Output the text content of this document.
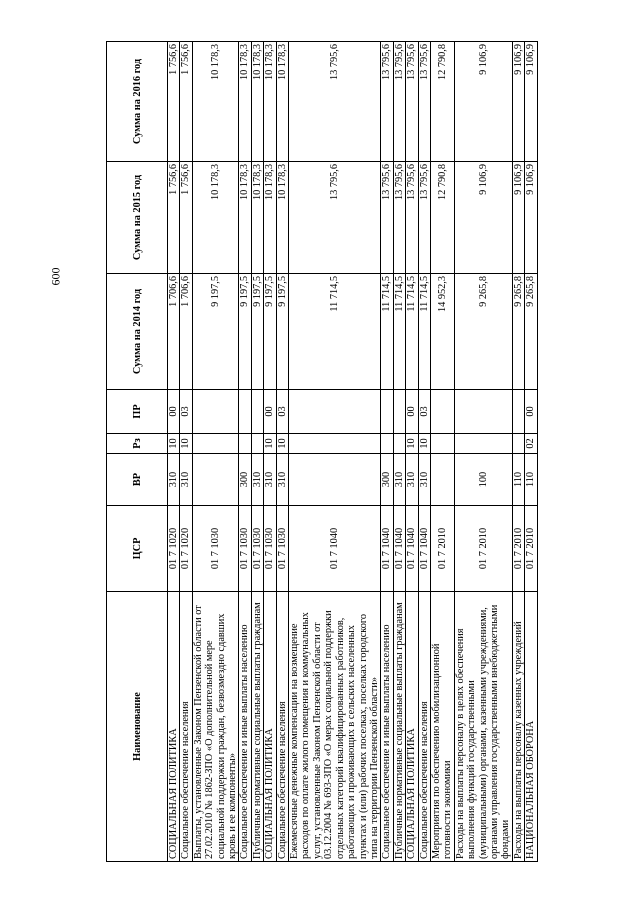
600
Наименование	ЦСР	ВР	Рз	ПР	Сумма на 2014 год	Сумма на 2015 год	Сумма на 2016 год
СОЦИАЛЬНАЯ ПОЛИТИКА	01 7 1020	310	10	00	1 706,6	1 756,6	1 756,6
Социальное обеспечение населения	01 7 1020	310	10	03	1 706,6	1 756,6	1 756,6
Выплаты, установленные Законом Пензенской области от 27.02.2010 № 1862-ЗПО «О дополнительной мере социальной поддержки граждан, безвозмездно сдавших кровь и ее компоненты»	01 7 1030				9 197,5	10 178,3	10 178,3
Социальное обеспечение и иные выплаты населению	01 7 1030	300			9 197,5	10 178,3	10 178,3
Публичные нормативные социальные выплаты гражданам	01 7 1030	310			9 197,5	10 178,3	10 178,3
СОЦИАЛЬНАЯ ПОЛИТИКА	01 7 1030	310	10	00	9 197,5	10 178,3	10 178,3
Социальное обеспечение населения	01 7 1030	310	10	03	9 197,5	10 178,3	10 178,3
Ежемесячные денежные компенсации на возмещение расходов по оплате жилого помещения и коммунальных услуг, установленные Законом Пензенской области от 03.12.2004 № 693-ЗПО «О мерах социальной поддержки отдельных категорий квалифицированных работников, работающих и проживающих в сельских населенных пунктах и (или) рабочих поселках, поселках городского типа на территории Пензенской области»	01 7 1040				11 714,5	13 795,6	13 795,6
Социальное обеспечение и иные выплаты населению	01 7 1040	300			11 714,5	13 795,6	13 795,6
Публичные нормативные социальные выплаты гражданам	01 7 1040	310			11 714,5	13 795,6	13 795,6
СОЦИАЛЬНАЯ ПОЛИТИКА	01 7 1040	310	10	00	11 714,5	13 795,6	13 795,6
Социальное обеспечение населения	01 7 1040	310	10	03	11 714,5	13 795,6	13 795,6
Мероприятия по обеспечению мобилизационной готовности экономики	01 7 2010				14 952,3	12 790,8	12 790,8
Расходы на выплаты персоналу в целях обеспечения выполнения функций государственными (муниципальными) органами, казенными учреждениями, органами управления государственными внебюджетными фондами	01 7 2010	100			9 265,8	9 106,9	9 106,9
Расходы на выплаты персоналу казенных учреждений	01 7 2010	110			9 265,8	9 106,9	9 106,9
НАЦИОНАЛЬНАЯ ОБОРОНА	01 7 2010	110	02	00	9 265,8	9 106,9	9 106,9
